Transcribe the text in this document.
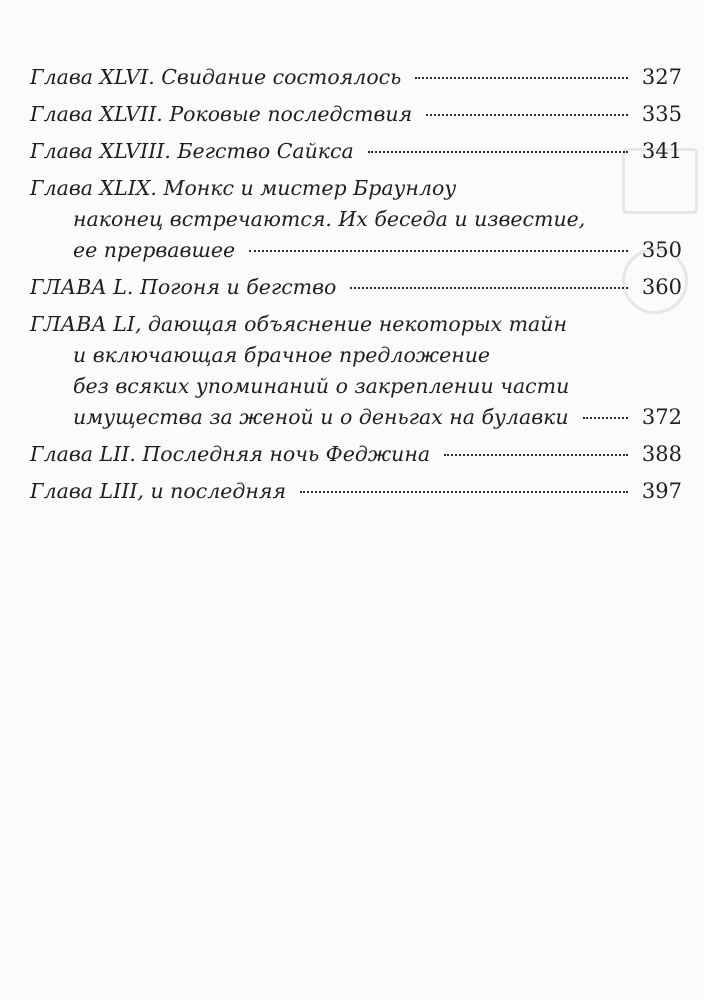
Глава XLVI. Свидание состоялось	327
Глава XLVII. Роковые последствия	335
Глава XLVIII. Бегство Сайкса	341
Глава XLIX. Монкс и мистер Браунлоу
наконец встречаются. Их беседа и известие,
ее прервавшее	350
ГЛАВА L. Погоня и бегство	360
ГЛАВА LI, дающая объяснение некоторых тайн
и включающая брачное предложение
без всяких упоминаний о закреплении части
имущества за женой и о деньгах на булавки	372
Глава LII. Последняя ночь Феджина	388
Глава LIII, и последняя	397
